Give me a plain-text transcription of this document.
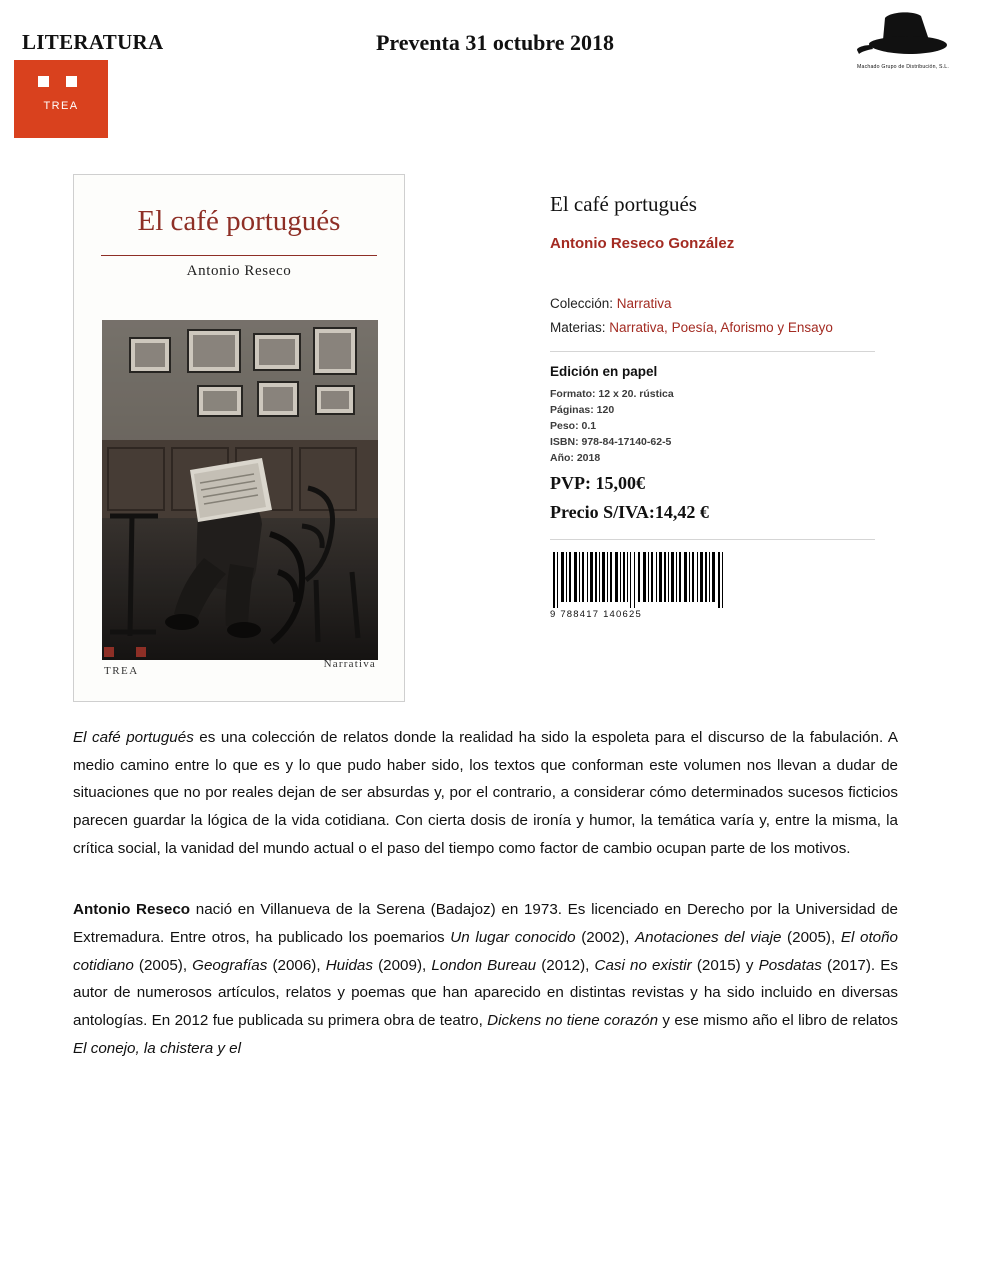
LITERATURA	Preventa 31 octubre 2018
Machado Grupo de Distribución, S.L.
TREA
El café portugués
Antonio Reseco
TREA
Narrativa
El café portugués
Antonio Reseco González
Colección: Narrativa
Materias: Narrativa, Poesía, Aforismo y Ensayo
Edición en papel
Formato: 12 x 20. rústica
Páginas: 120
Peso: 0.1
ISBN: 978-84-17140-62-5
Año: 2018
PVP: 15,00€
Precio S/IVA:14,42 €
9 788417 140625

El café portugués es una colección de relatos donde la realidad ha sido la espoleta para el discurso de la fabulación. A medio camino entre lo que es y lo que pudo haber sido, los textos que conforman este volumen nos llevan a dudar de situaciones que no por reales dejan de ser absurdas y, por el contrario, a considerar cómo determinados sucesos ficticios parecen guardar la lógica de la vida cotidiana. Con cierta dosis de ironía y humor, la temática varía y, entre la misma, la crítica social, la vanidad del mundo actual o el paso del tiempo como factor de cambio ocupan parte de los motivos.

Antonio Reseco nació en Villanueva de la Serena (Badajoz) en 1973. Es licenciado en Derecho por la Universidad de Extremadura. Entre otros, ha publicado los poemarios Un lugar conocido (2002), Anotaciones del viaje (2005), El otoño cotidiano (2005), Geografías (2006), Huidas (2009), London Bureau (2012), Casi no existir (2015) y Posdatas (2017). Es autor de numerosos artículos, relatos y poemas que han aparecido en distintas revistas y ha sido incluido en diversas antologías. En 2012 fue publicada su primera obra de teatro, Dickens no tiene corazón y ese mismo año el libro de relatos El conejo, la chistera y el
